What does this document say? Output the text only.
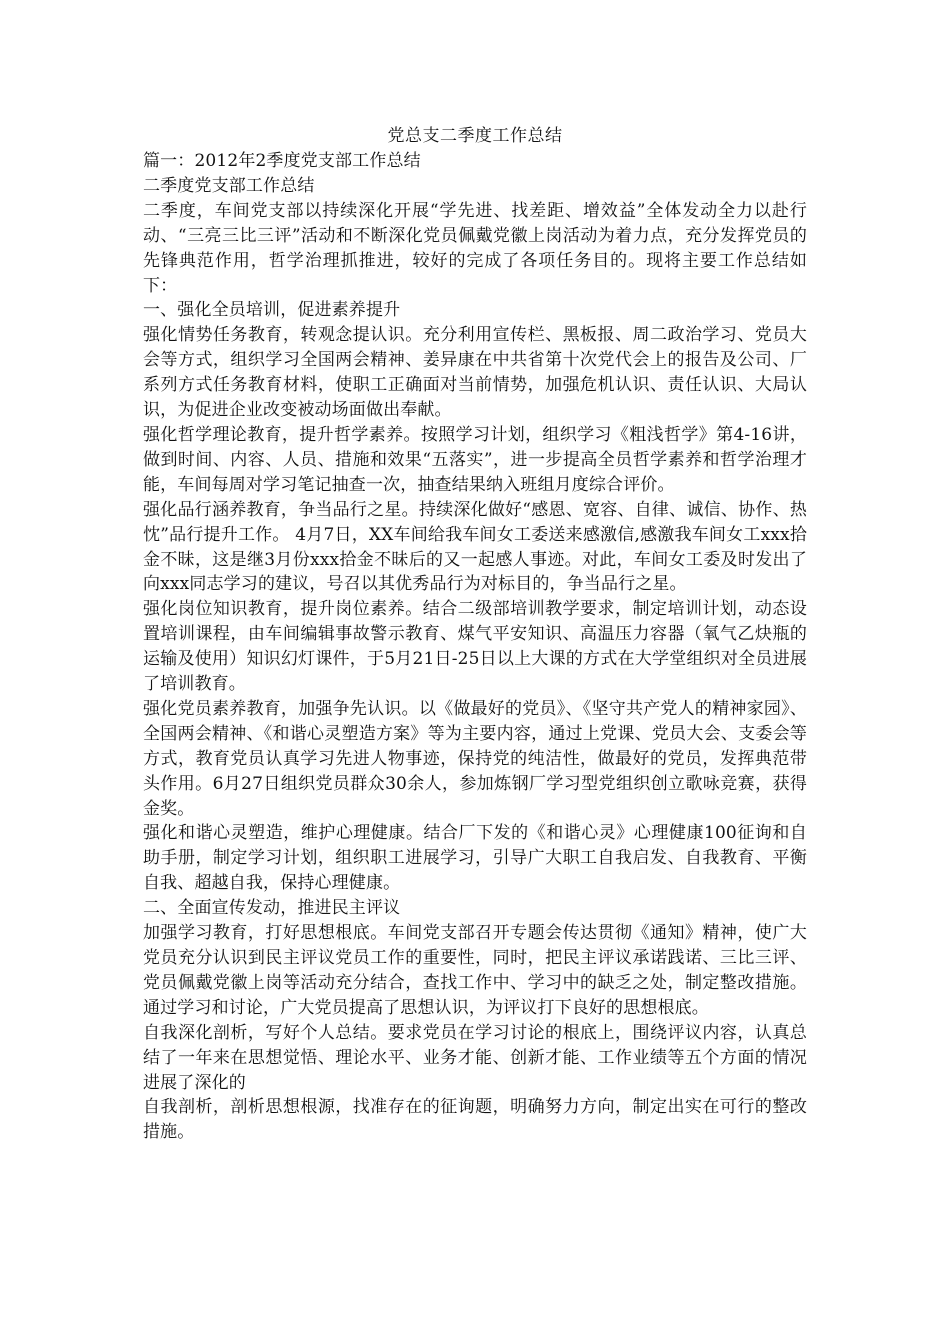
党总支二季度工作总结

篇一：2012年2季度党支部工作总结

二季度党支部工作总结

二季度，车间党支部以持续深化开展“学先进、找差距、增效益”全体发动全力以赴行动、“三亮三比三评”活动和不断深化党员佩戴党徽上岗活动为着力点，充分发挥党员的先锋典范作用，哲学治理抓推进，较好的完成了各项任务目的。现将主要工作总结如下：

一、强化全员培训，促进素养提升

强化情势任务教育，转观念提认识。充分利用宣传栏、黑板报、周二政治学习、党员大会等方式，组织学习全国两会精神、姜异康在中共省第十次党代会上的报告及公司、厂系列方式任务教育材料，使职工正确面对当前情势，加强危机认识、责任认识、大局认识，为促进企业改变被动场面做出奉献。

强化哲学理论教育，提升哲学素养。按照学习计划，组织学习《粗浅哲学》第4-16讲，做到时间、内容、人员、措施和效果“五落实”，进一步提高全员哲学素养和哲学治理才能，车间每周对学习笔记抽查一次，抽查结果纳入班组月度综合评价。

强化品行涵养教育，争当品行之星。持续深化做好“感恩、宽容、自律、诚信、协作、热忱”品行提升工作。 4月7日，XX车间给我车间女工委送来感激信,感激我车间女工xxx拾金不昧，这是继3月份xxx拾金不昧后的又一起感人事迹。对此，车间女工委及时发出了向xxx同志学习的建议，号召以其优秀品行为对标目的，争当品行之星。

强化岗位知识教育，提升岗位素养。结合二级部培训教学要求，制定培训计划，动态设置培训课程，由车间编辑事故警示教育、煤气平安知识、高温压力容器（氧气乙炔瓶的运输及使用）知识幻灯课件，于5月21日-25日以上大课的方式在大学堂组织对全员进展了培训教育。

强化党员素养教育，加强争先认识。以《做最好的党员》、《坚守共产党人的精神家园》、全国两会精神、《和谐心灵塑造方案》等为主要内容，通过上党课、党员大会、支委会等方式，教育党员认真学习先进人物事迹，保持党的纯洁性，做最好的党员，发挥典范带头作用。6月27日组织党员群众30余人，参加炼钢厂学习型党组织创立歌咏竞赛，获得金奖。

强化和谐心灵塑造，维护心理健康。结合厂下发的《和谐心灵》心理健康100征询和自助手册，制定学习计划，组织职工进展学习，引导广大职工自我启发、自我教育、平衡自我、超越自我，保持心理健康。

二、全面宣传发动，推进民主评议

加强学习教育，打好思想根底。车间党支部召开专题会传达贯彻《通知》精神，使广大党员充分认识到民主评议党员工作的重要性，同时，把民主评议承诺践诺、三比三评、党员佩戴党徽上岗等活动充分结合，查找工作中、学习中的缺乏之处，制定整改措施。通过学习和讨论，广大党员提高了思想认识，为评议打下良好的思想根底。

自我深化剖析，写好个人总结。要求党员在学习讨论的根底上，围绕评议内容，认真总结了一年来在思想觉悟、理论水平、业务才能、创新才能、工作业绩等五个方面的情况进展了深化的

自我剖析，剖析思想根源，找准存在的征询题，明确努力方向，制定出实在可行的整改措施。
